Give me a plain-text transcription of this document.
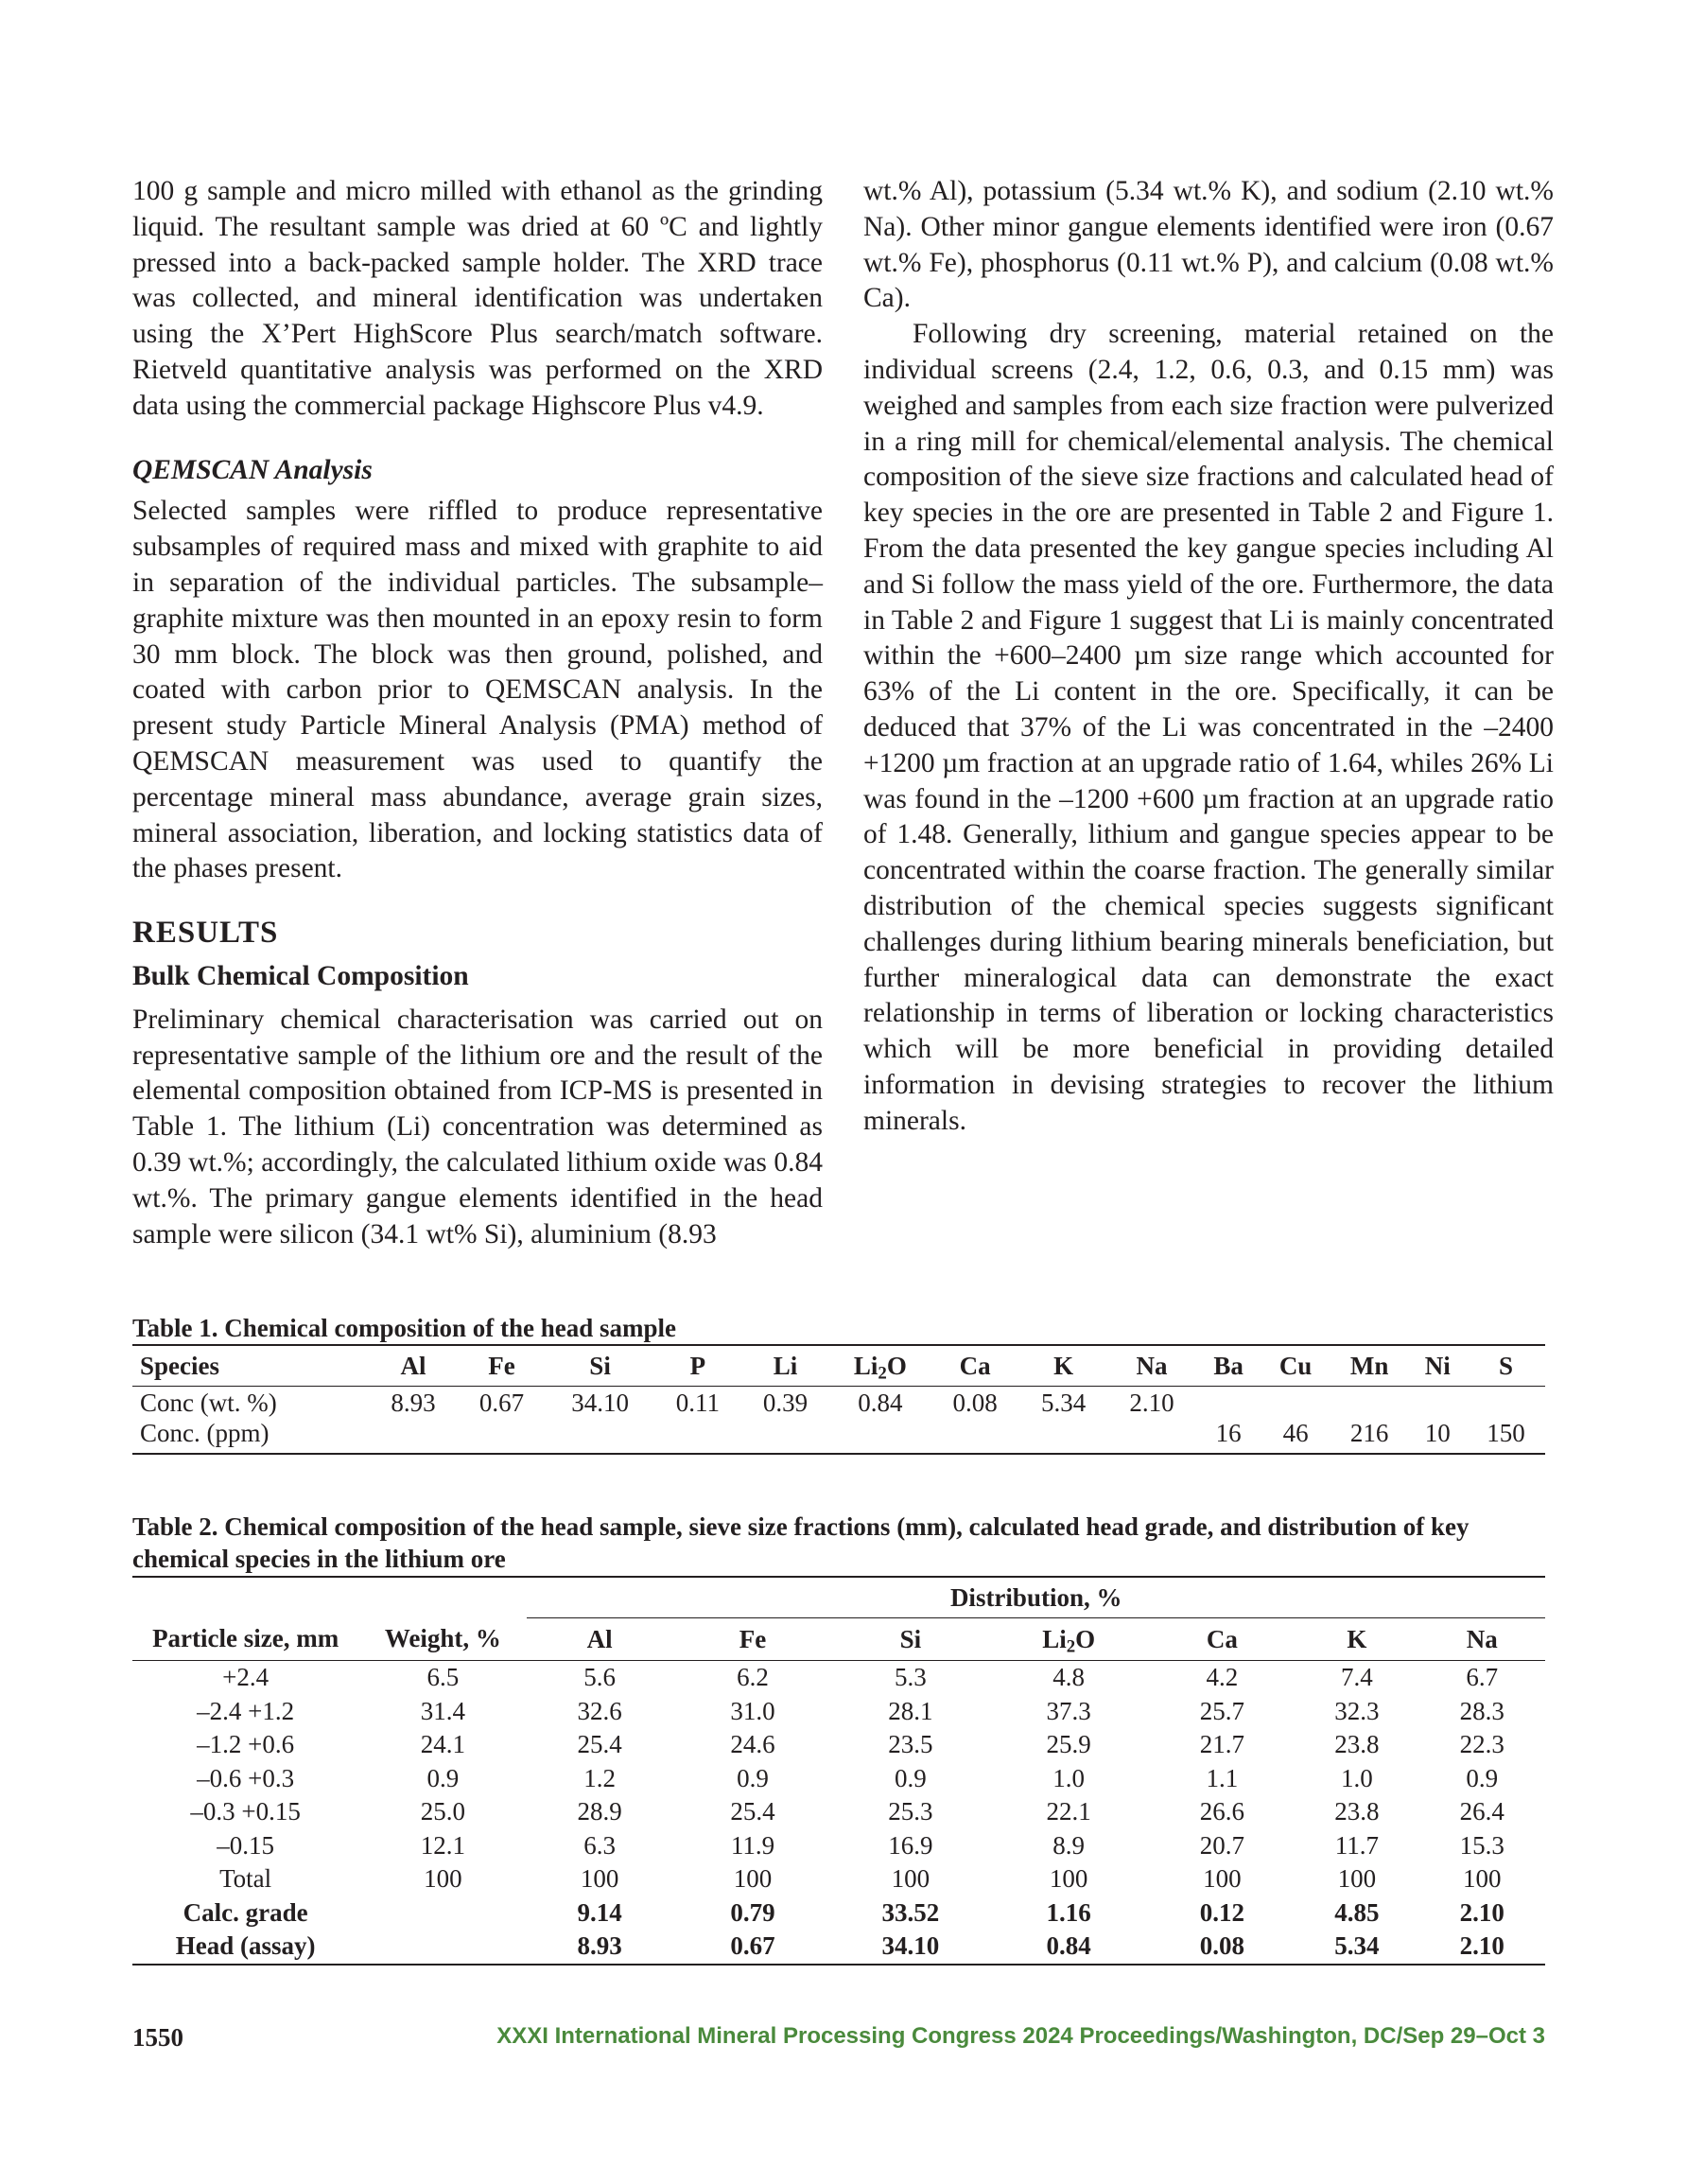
100 g sample and micro milled with ethanol as the grinding liquid. The resultant sample was dried at 60 ºC and lightly pressed into a back-packed sample holder. The XRD trace was collected, and mineral identification was undertaken using the X’Pert HighScore Plus search/match software. Rietveld quantitative analysis was performed on the XRD data using the commercial package Highscore Plus v4.9.

QEMSCAN Analysis

Selected samples were riffled to produce representative subsamples of required mass and mixed with graphite to aid in separation of the individual particles. The subsample–graphite mixture was then mounted in an epoxy resin to form 30 mm block. The block was then ground, polished, and coated with carbon prior to QEMSCAN analysis. In the present study Particle Mineral Analysis (PMA) method of QEMSCAN measurement was used to quantify the percentage mineral mass abundance, average grain sizes, mineral association, liberation, and locking statistics data of the phases present.

RESULTS
Bulk Chemical Composition

Preliminary chemical characterisation was carried out on representative sample of the lithium ore and the result of the elemental composition obtained from ICP-MS is presented in Table 1. The lithium (Li) concentration was determined as 0.39 wt.%; accordingly, the calculated lithium oxide was 0.84 wt.%. The primary gangue elements identified in the head sample were silicon (34.1 wt% Si), aluminium (8.93

wt.% Al), potassium (5.34 wt.% K), and sodium (2.10 wt.% Na). Other minor gangue elements identified were iron (0.67 wt.% Fe), phosphorus (0.11 wt.% P), and calcium (0.08 wt.% Ca).

Following dry screening, material retained on the individual screens (2.4, 1.2, 0.6, 0.3, and 0.15 mm) was weighed and samples from each size fraction were pulverized in a ring mill for chemical/elemental analysis. The chemical composition of the sieve size fractions and calculated head of key species in the ore are presented in Table 2 and Figure 1. From the data presented the key gangue species including Al and Si follow the mass yield of the ore. Furthermore, the data in Table 2 and Figure 1 suggest that Li is mainly concentrated within the +600–2400 µm size range which accounted for 63% of the Li content in the ore. Specifically, it can be deduced that 37% of the Li was concentrated in the –2400 +1200 µm fraction at an upgrade ratio of 1.64, whiles 26% Li was found in the –1200 +600 µm fraction at an upgrade ratio of 1.48. Generally, lithium and gangue species appear to be concentrated within the coarse fraction. The generally similar distribution of the chemical species suggests significant challenges during lithium bearing minerals beneficiation, but further mineralogical data can demonstrate the exact relationship in terms of liberation or locking characteristics which will be more beneficial in providing detailed information in devising strategies to recover the lithium minerals.

Table 1. Chemical composition of the head sample
Species	Al	Fe	Si	P	Li	$Li_2O$	Ca	K	Na	Ba	Cu	Mn	Ni	S
Conc (wt. %)	8.93	0.67	34.10	0.11	0.39	0.84	0.08	5.34	2.10					
Conc. (ppm)										16	46	216	10	150
Table 2. Chemical composition of the head sample, sieve size fractions (mm), calculated head grade, and distribution of key
chemical species in the lithium ore
		Distribution, %						
Particle size, mm	Weight, %	Al	Fe	Si	$Li_2O$	Ca	K	Na
+2.4	6.5	5.6	6.2	5.3	4.8	4.2	7.4	6.7
–2.4 +1.2	31.4	32.6	31.0	28.1	37.3	25.7	32.3	28.3
–1.2 +0.6	24.1	25.4	24.6	23.5	25.9	21.7	23.8	22.3
–0.6 +0.3	0.9	1.2	0.9	0.9	1.0	1.1	1.0	0.9
–0.3 +0.15	25.0	28.9	25.4	25.3	22.1	26.6	23.8	26.4
–0.15	12.1	6.3	11.9	16.9	8.9	20.7	11.7	15.3
Total	100	100	100	100	100	100	100	100
Calc. grade		9.14	0.79	33.52	1.16	0.12	4.85	2.10
Head (assay)		8.93	0.67	34.10	0.84	0.08	5.34	2.10
1550	XXXI International Mineral Processing Congress 2024 Proceedings/Washington, DC/Sep 29–Oct 3
